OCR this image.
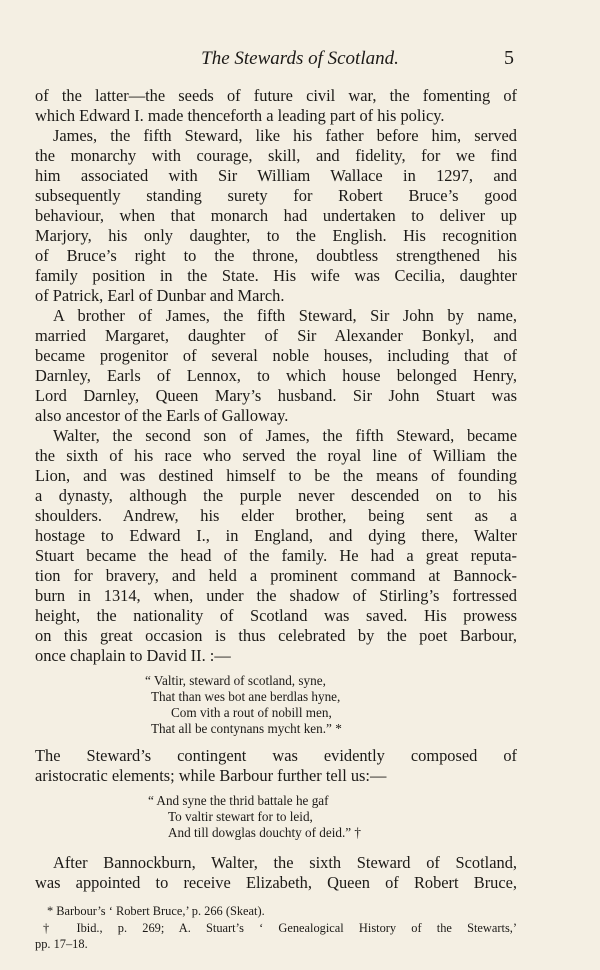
The Stewards of Scotland.	5
of the latter—the seeds of future civil war, the fomenting of
which Edward I. made thenceforth a leading part of his policy.
James, the fifth Steward, like his father before him, served
the monarchy with courage, skill, and fidelity, for we find
him associated with Sir William Wallace in 1297, and
subsequently standing surety for Robert Bruce’s good
behaviour, when that monarch had undertaken to deliver up
Marjory, his only daughter, to the English. His recognition
of Bruce’s right to the throne, doubtless strengthened his
family position in the State. His wife was Cecilia, daughter
of Patrick, Earl of Dunbar and March.
A brother of James, the fifth Steward, Sir John by name,
married Margaret, daughter of Sir Alexander Bonkyl, and
became progenitor of several noble houses, including that of
Darnley, Earls of Lennox, to which house belonged Henry,
Lord Darnley, Queen Mary’s husband. Sir John Stuart was
also ancestor of the Earls of Galloway.
Walter, the second son of James, the fifth Steward, became
the sixth of his race who served the royal line of William the
Lion, and was destined himself to be the means of founding
a dynasty, although the purple never descended on to his
shoulders. Andrew, his elder brother, being sent as a
hostage to Edward I., in England, and dying there, Walter
Stuart became the head of the family. He had a great reputa-
tion for bravery, and held a prominent command at Bannock-
burn in 1314, when, under the shadow of Stirling’s fortressed
height, the nationality of Scotland was saved. His prowess
on this great occasion is thus celebrated by the poet Barbour,
once chaplain to David II. :—
“ Valtir, steward of scotland, syne,
That than wes bot ane berdlas hyne,
Com vith a rout of nobill men,
That all be contynans mycht ken.” *
The Steward’s contingent was evidently composed of
aristocratic elements; while Barbour further tell us:—
“ And syne the thrid battale he gaf
To valtir stewart for to leid,
And till dowglas douchty of deid.” †
After Bannockburn, Walter, the sixth Steward of Scotland,
was appointed to receive Elizabeth, Queen of Robert Bruce,
* Barbour’s ‘ Robert Bruce,’ p. 266 (Skeat).
† Ibid., p. 269; A. Stuart’s ‘ Genealogical History of the Stewarts,’
pp. 17–18.
